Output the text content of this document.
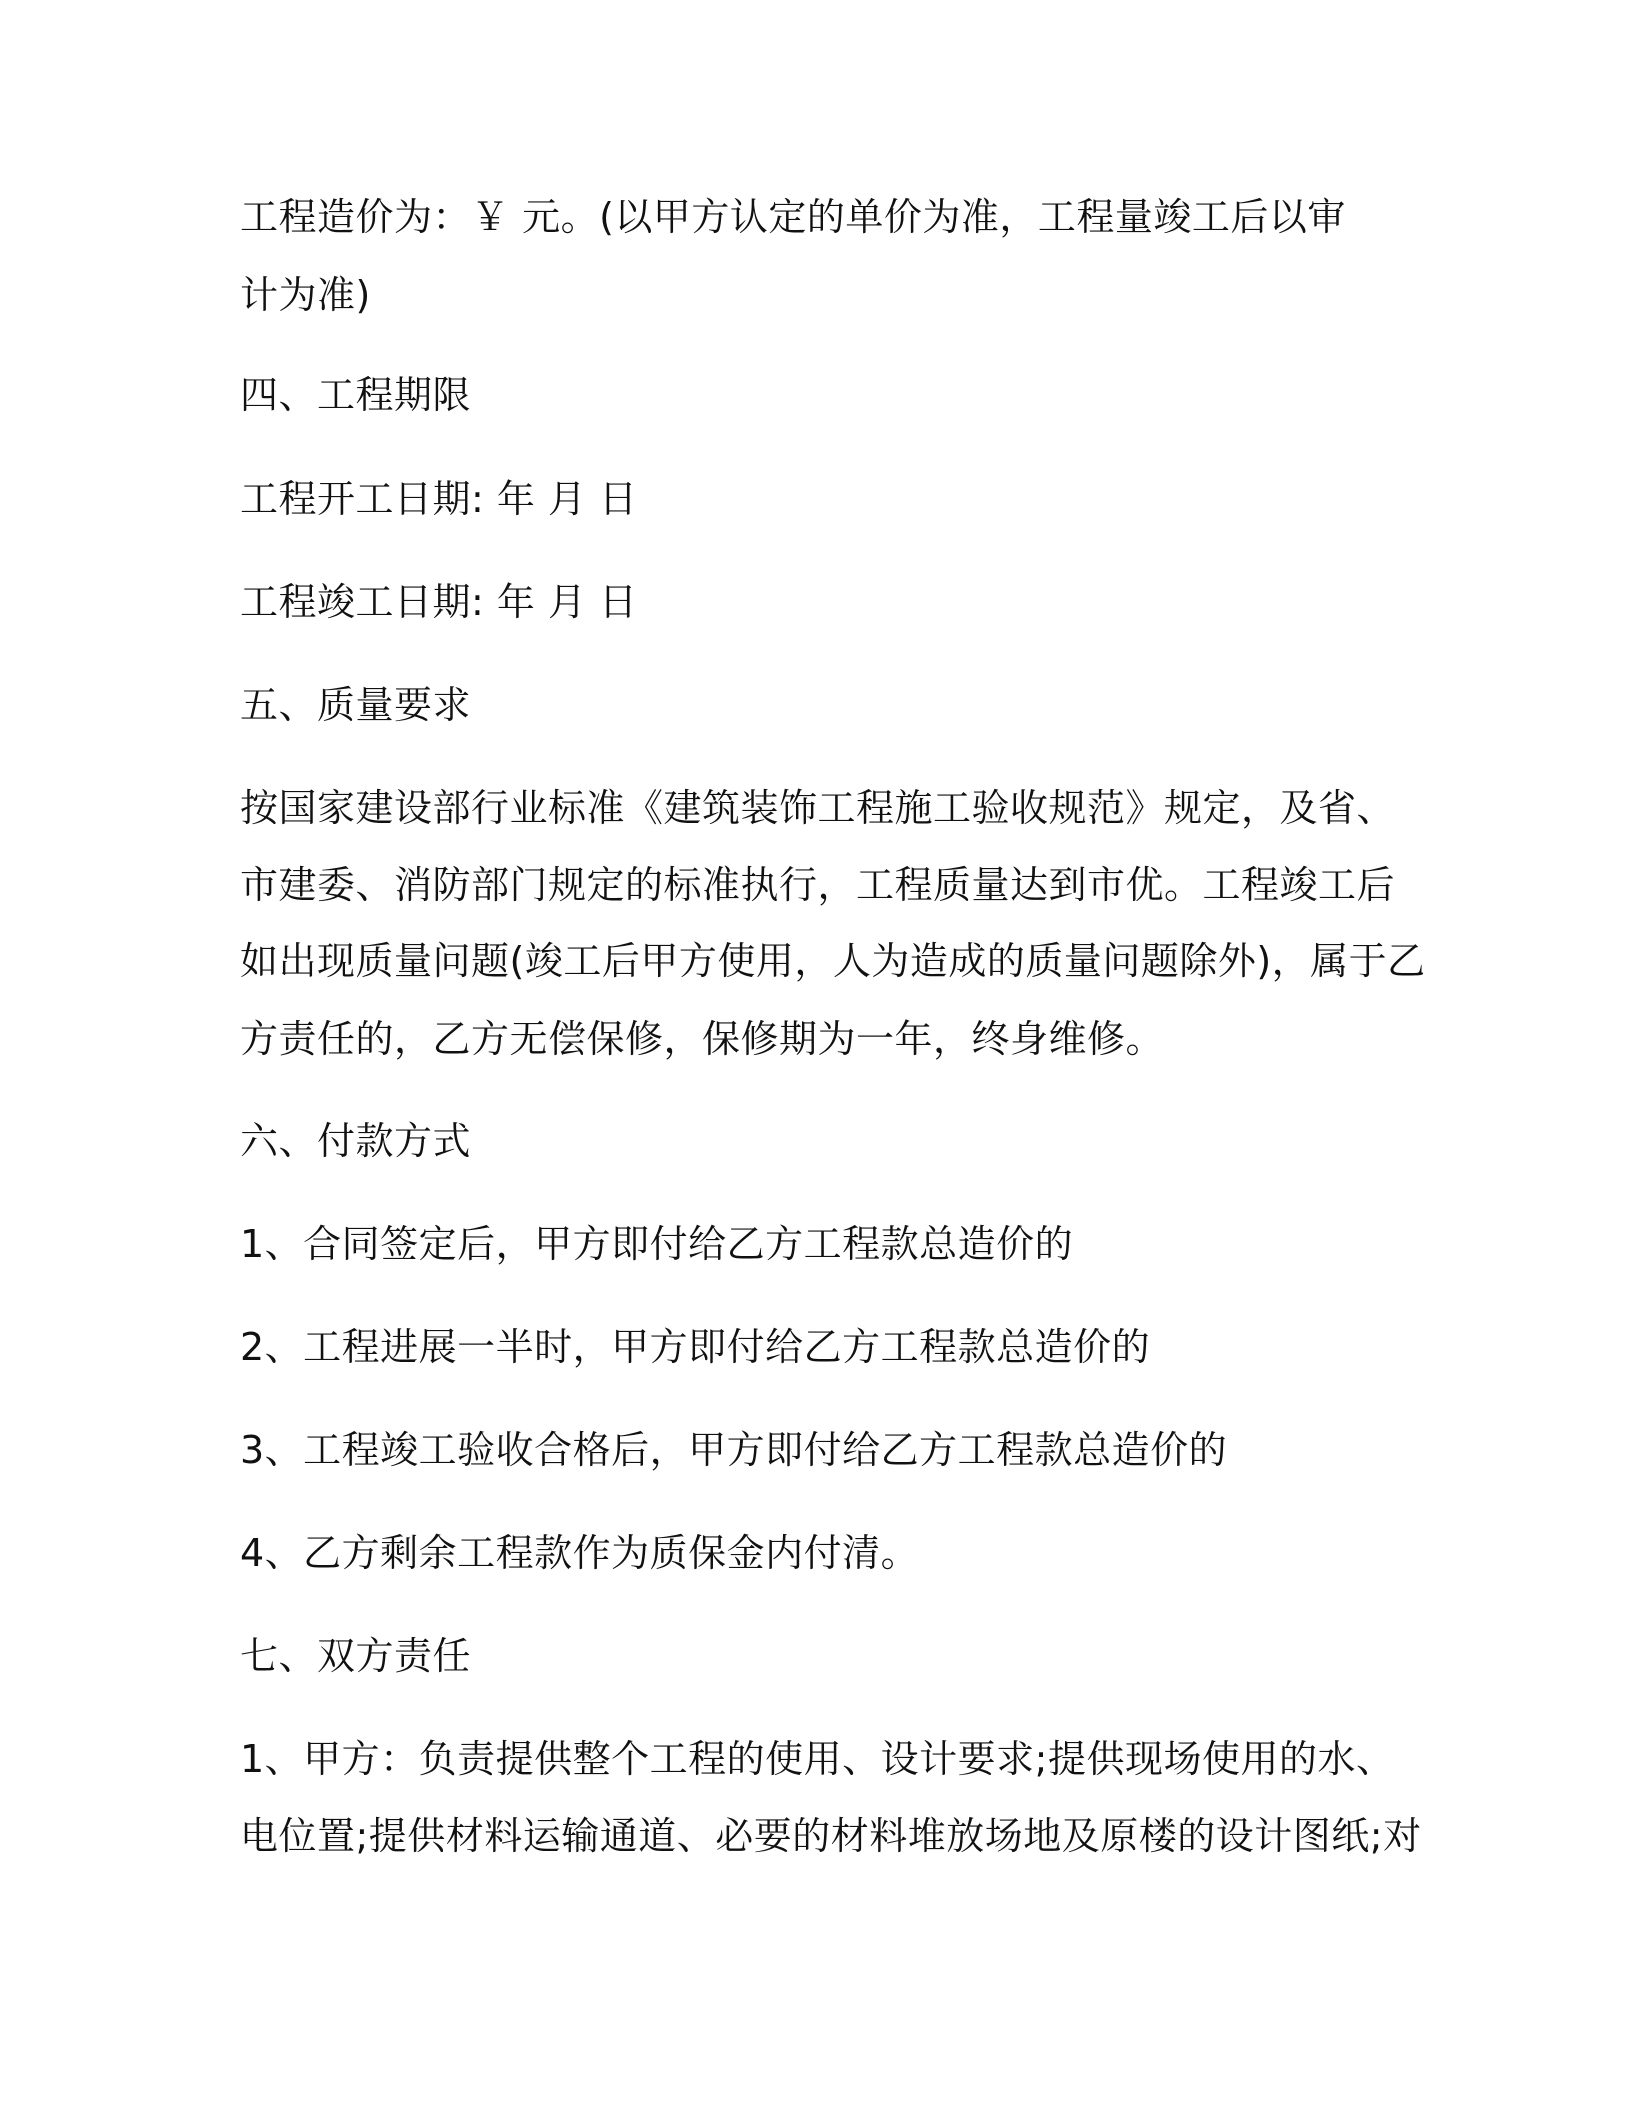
工程造价为：￥ 元。(以甲方认定的单价为准，工程量竣工后以审

计为准)

四、工程期限

工程开工日期: 年 月 日

工程竣工日期: 年 月 日

五、质量要求

按国家建设部行业标准《建筑装饰工程施工验收规范》规定，及省、

市建委、消防部门规定的标准执行，工程质量达到市优。工程竣工后

如出现质量问题(竣工后甲方使用，人为造成的质量问题除外)，属于乙

方责任的，乙方无偿保修，保修期为一年，终身维修。

六、付款方式

1、合同签定后，甲方即付给乙方工程款总造价的

2、工程进展一半时，甲方即付给乙方工程款总造价的

3、工程竣工验收合格后，甲方即付给乙方工程款总造价的

4、乙方剩余工程款作为质保金内付清。

七、双方责任

1、甲方：负责提供整个工程的使用、设计要求;提供现场使用的水、

电位置;提供材料运输通道、必要的材料堆放场地及原楼的设计图纸;对
